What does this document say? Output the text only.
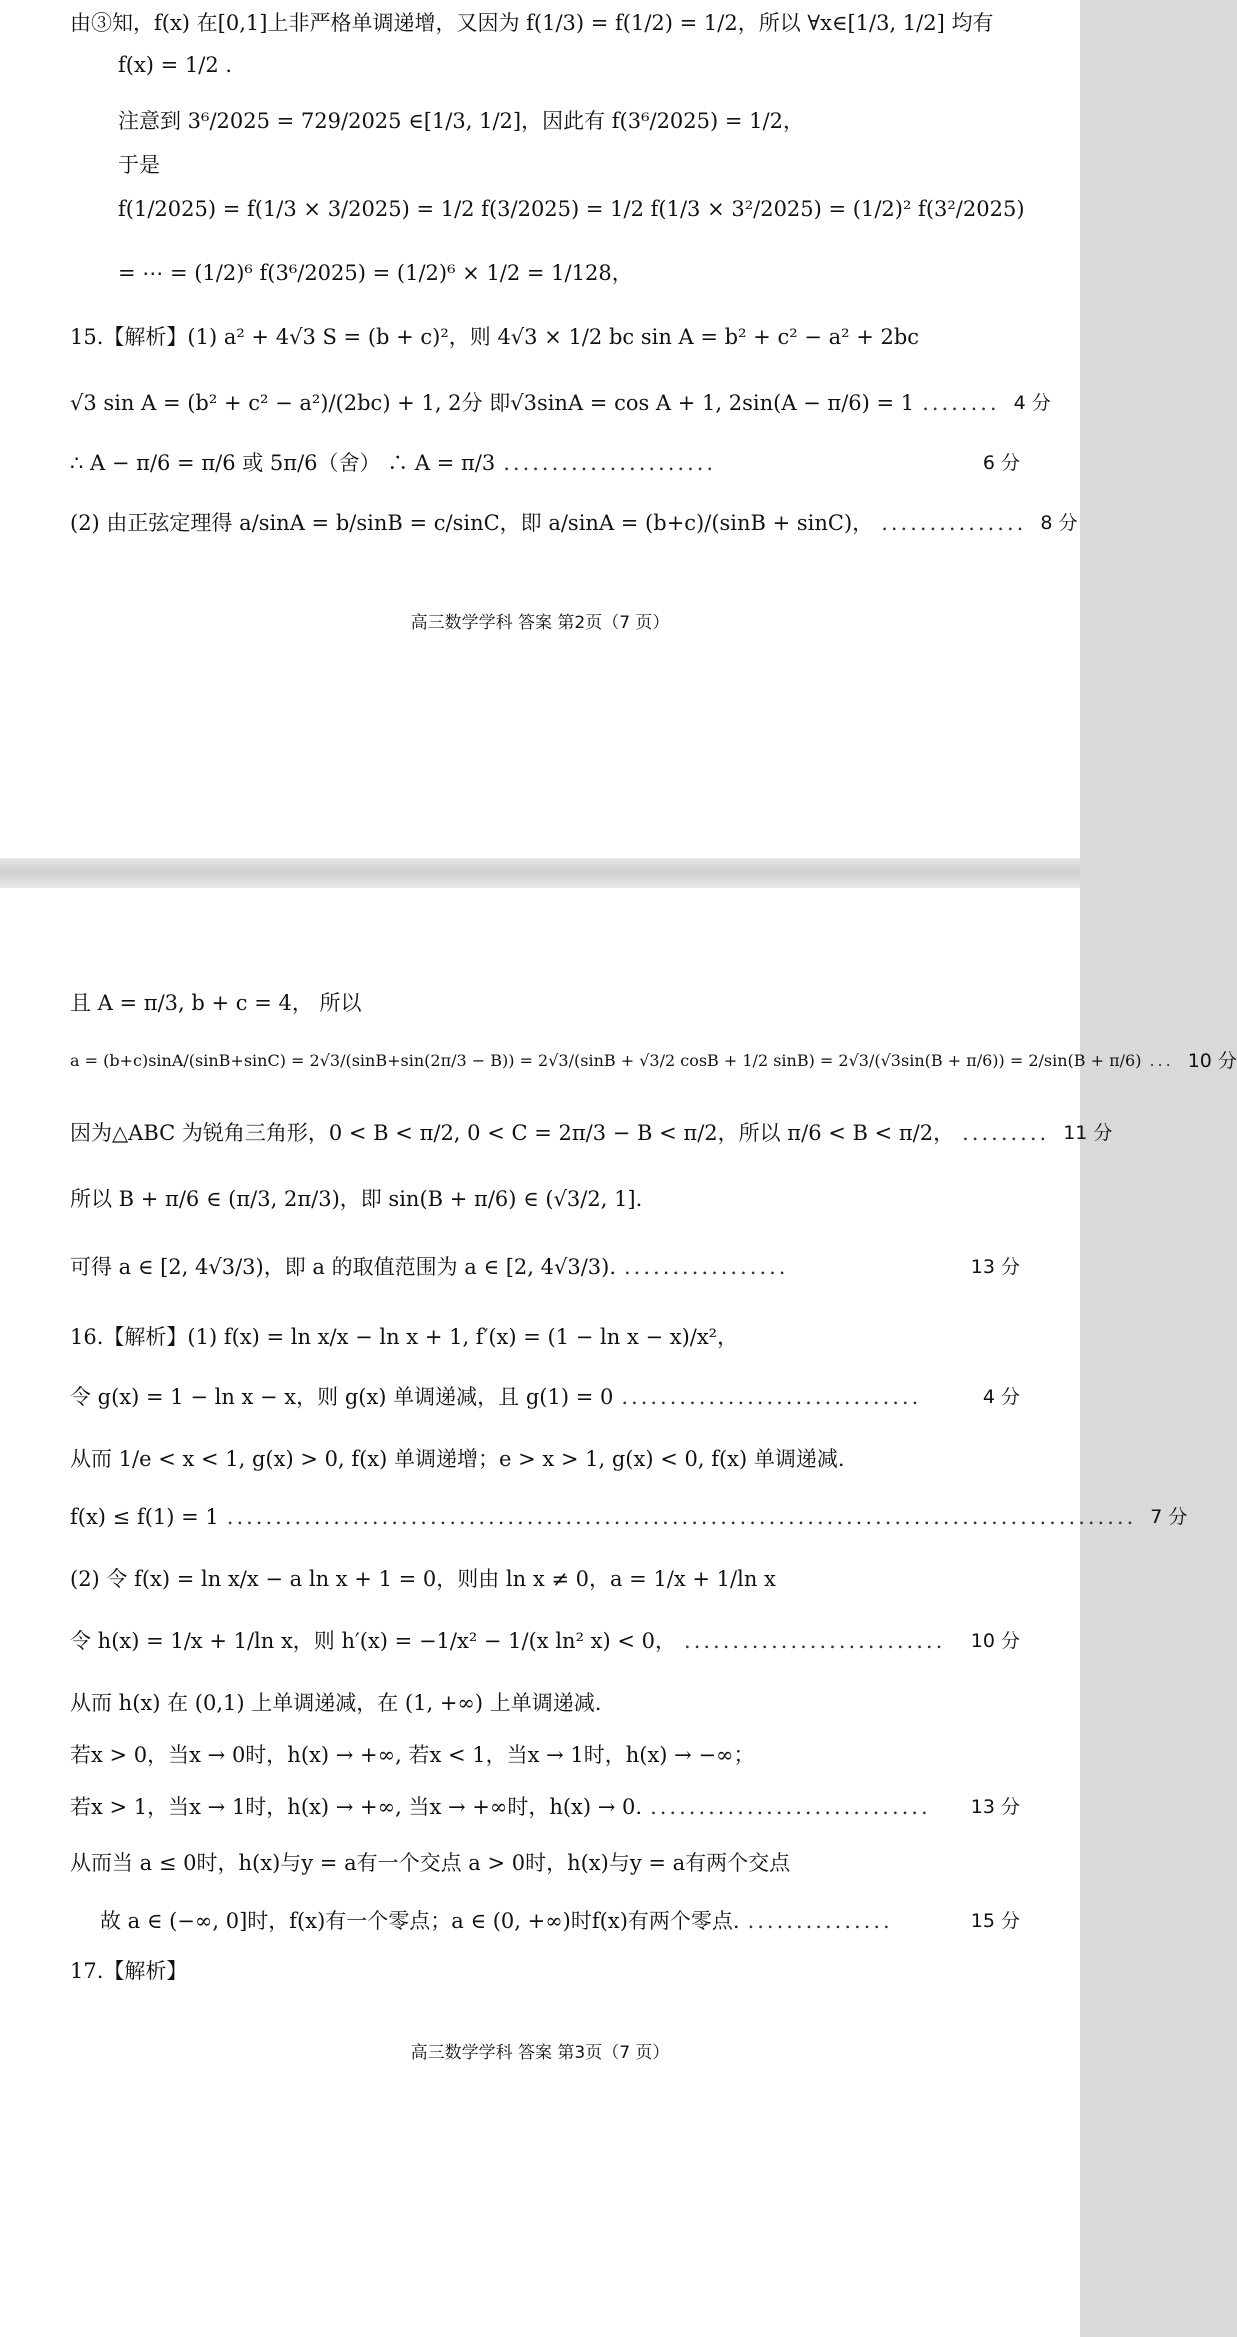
由③知，f(x) 在[0,1]上非严格单调递增，又因为 f(1/3) = f(1/2) = 1/2，所以 ∀x∈[1/3, 1/2] 均有
f(x) = 1/2 .
注意到 3⁶/2025 = 729/2025 ∈[1/3, 1/2]，因此有 f(3⁶/2025) = 1/2，
于是
f(1/2025) = f(1/3 × 3/2025) = 1/2 f(3/2025) = 1/2 f(1/3 × 3²/2025) = (1/2)² f(3²/2025)
= ⋯ = (1/2)⁶ f(3⁶/2025) = (1/2)⁶ × 1/2 = 1/128，
15.【解析】(1) a² + 4√3 S = (b + c)²，则 4√3 × 1/2 bc sin A = b² + c² − a² + 2bc
√3 sin A = (b² + c² − a²)/(2bc) + 1, 2分 即√3sinA = cos A + 1, 2sin(A − π/6) = 1 ........ 4 分
∴ A − π/6 = π/6 或 5π/6（舍） ∴ A = π/3 ......................	6 分
(2) 由正弦定理得 a/sinA = b/sinB = c/sinC，即 a/sinA = (b+c)/(sinB + sinC)， ............... 8 分
高三数学学科 答案 第2页（7 页）
且 A = π/3, b + c = 4， 所以
a = (b+c)sinA/(sinB+sinC) = 2√3/(sinB+sin(2π/3 − B)) = 2√3/(sinB + √3/2 cosB + 1/2 sinB) = 2√3/(√3sin(B + π/6)) = 2/sin(B + π/6) ... 10 分
因为△ABC 为锐角三角形，0 < B < π/2, 0 < C = 2π/3 − B < π/2，所以 π/6 < B < π/2， ......... 11 分
所以 B + π/6 ∈ (π/3, 2π/3)，即 sin(B + π/6) ∈ (√3/2, 1].
可得 a ∈ [2, 4√3/3)，即 a 的取值范围为 a ∈ [2, 4√3/3). .................	13 分
16.【解析】(1) f(x) = ln x/x − ln x + 1, f′(x) = (1 − ln x − x)/x²，
令 g(x) = 1 − ln x − x，则 g(x) 单调递减，且 g(1) = 0 ...............................	4 分
从而 1/e < x < 1, g(x) > 0, f(x) 单调递增；e > x > 1, g(x) < 0, f(x) 单调递减.
f(x) ≤ f(1) = 1 .............................................................................................. 7 分
(2) 令 f(x) = ln x/x − a ln x + 1 = 0，则由 ln x ≠ 0，a = 1/x + 1/ln x
令 h(x) = 1/x + 1/ln x，则 h′(x) = −1/x² − 1/(x ln² x) < 0， ...........................	10 分
从而 h(x) 在 (0,1) 上单调递减，在 (1, +∞) 上单调递减.
若x > 0，当x → 0时，h(x) → +∞, 若x < 1，当x → 1时，h(x) → −∞；
若x > 1，当x → 1时，h(x) → +∞, 当x → +∞时，h(x) → 0. .............................	13 分
从而当 a ≤ 0时，h(x)与y = a有一个交点 a > 0时，h(x)与y = a有两个交点
故 a ∈ (−∞, 0]时，f(x)有一个零点；a ∈ (0, +∞)时f(x)有两个零点. ...............	15 分
17.【解析】
高三数学学科 答案 第3页（7 页）
